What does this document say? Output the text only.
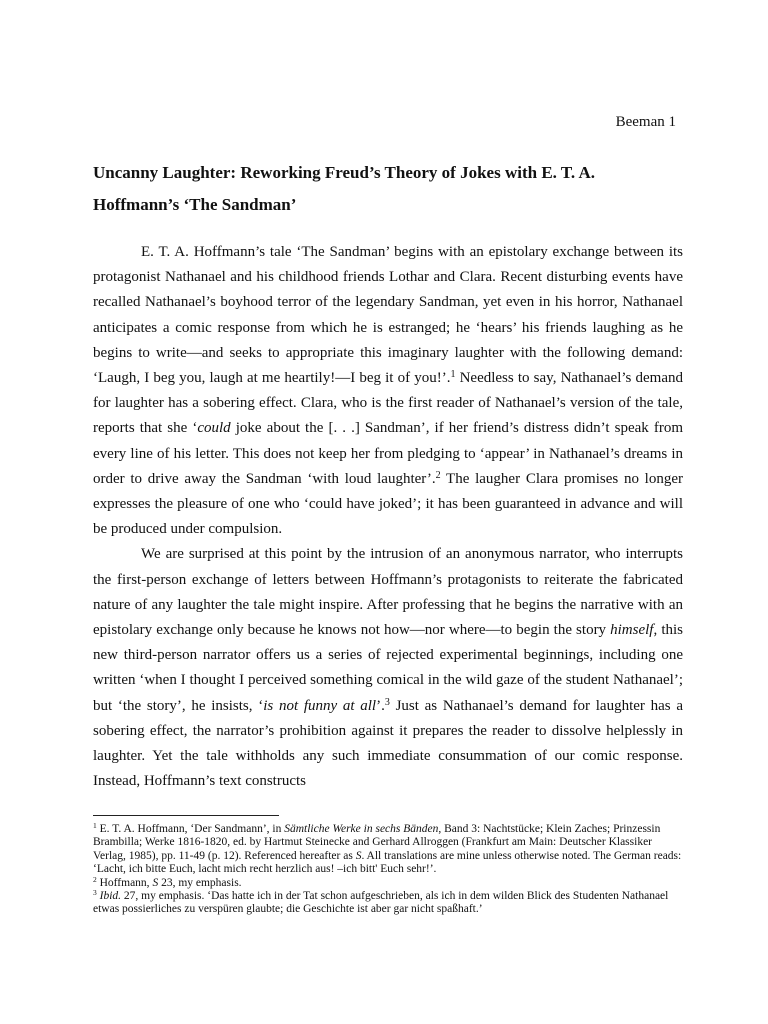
Beeman 1
Uncanny Laughter: Reworking Freud’s Theory of Jokes with E. T. A.
Hoffmann’s ‘The Sandman’

E. T. A. Hoffmann’s tale ‘The Sandman’ begins with an epistolary exchange between its protagonist Nathanael and his childhood friends Lothar and Clara. Recent disturbing events have recalled Nathanael’s boyhood terror of the legendary Sandman, yet even in his horror, Nathanael anticipates a comic response from which he is estranged; he ‘hears’ his friends laughing as he begins to write—and seeks to appropriate this imaginary laughter with the following demand: ‘Laugh, I beg you, laugh at me heartily!—I beg it of you!’.$^1$ Needless to say, Nathanael’s demand for laughter has a sobering effect. Clara, who is the first reader of Nathanael’s version of the tale, reports that she ‘could joke about the [. . .] Sandman’, if her friend’s distress didn’t speak from every line of his letter. This does not keep her from pledging to ‘appear’ in Nathanael’s dreams in order to drive away the Sandman ‘with loud laughter’.$^2$ The laugher Clara promises no longer expresses the pleasure of one who ‘could have joked’; it has been guaranteed in advance and will be produced under compulsion.

We are surprised at this point by the intrusion of an anonymous narrator, who interrupts the first-person exchange of letters between Hoffmann’s protagonists to reiterate the fabricated nature of any laughter the tale might inspire. After professing that he begins the narrative with an epistolary exchange only because he knows not how—nor where—to begin the story himself, this new third-person narrator offers us a series of rejected experimental beginnings, including one written ‘when I thought I perceived something comical in the wild gaze of the student Nathanael’; but ‘the story’, he insists, ‘is not funny at all’.$^3$ Just as Nathanael’s demand for laughter has a sobering effect, the narrator’s prohibition against it prepares the reader to dissolve helplessly in laughter. Yet the tale withholds any such immediate consummation of our comic response. Instead, Hoffmann’s text constructs

$^1$ E. T. A. Hoffmann, ‘Der Sandmann’, in Sämtliche Werke in sechs Bänden, Band 3: Nachtstücke; Klein Zaches; Prinzessin Brambilla; Werke 1816-1820, ed. by Hartmut Steinecke and Gerhard Allroggen (Frankfurt am Main: Deutscher Klassiker Verlag, 1985), pp. 11-49 (p. 12). Referenced hereafter as S. All translations are mine unless otherwise noted. The German reads: ‘Lacht, ich bitte Euch, lacht mich recht herzlich aus! –ich bitt' Euch sehr!’.

$^2$ Hoffmann, S 23, my emphasis.

$^3$ Ibid. 27, my emphasis. ‘Das hatte ich in der Tat schon aufgeschrieben, als ich in dem wilden Blick des Studenten Nathanael etwas possierliches zu verspüren glaubte; die Geschichte ist aber gar nicht spaßhaft.’
